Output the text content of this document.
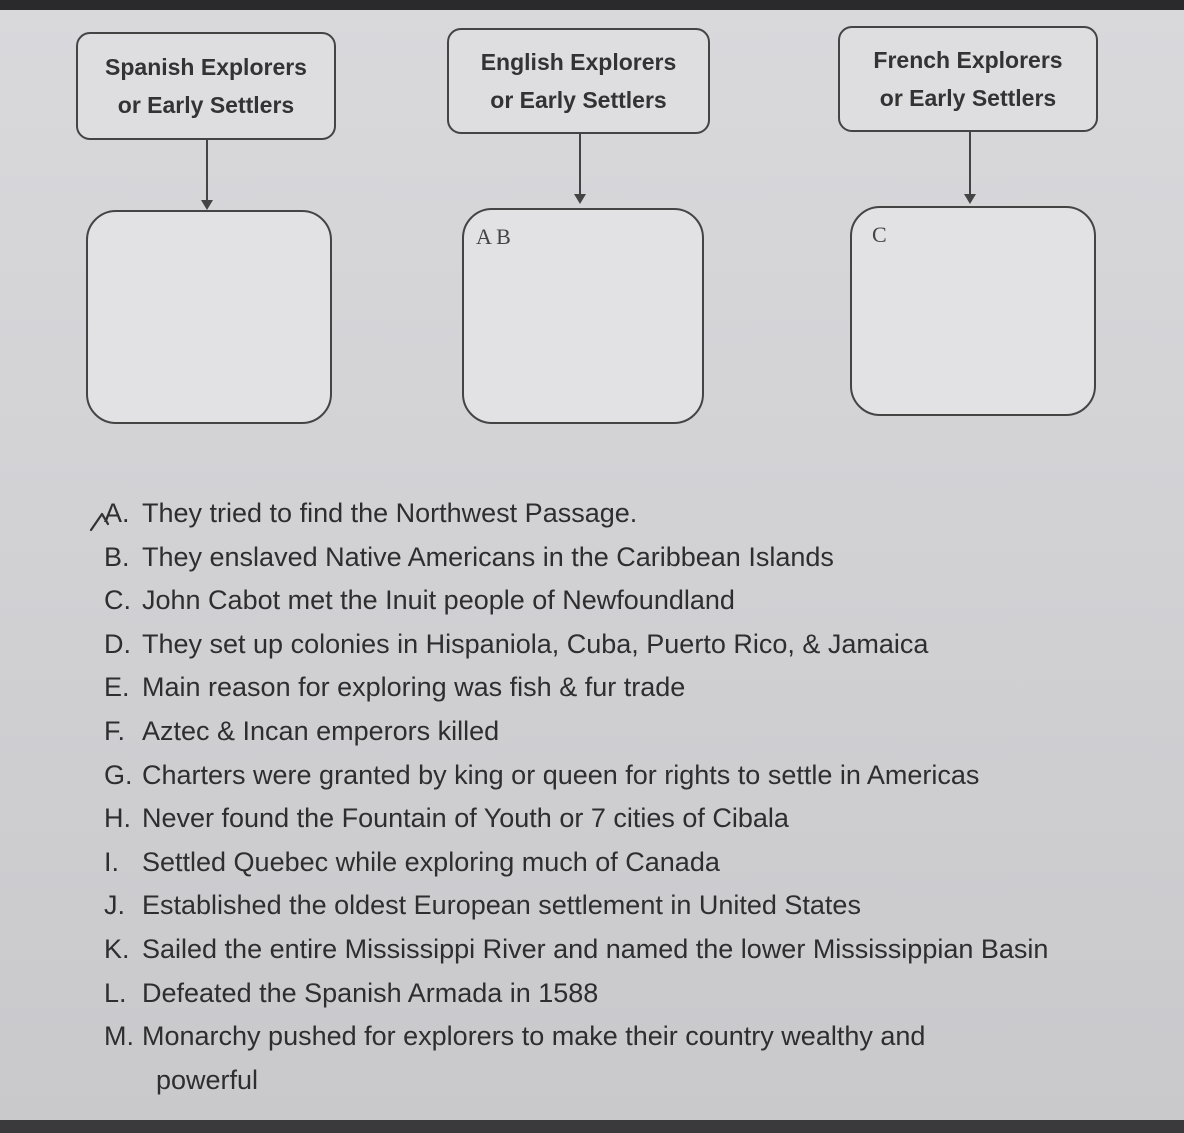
Spanish Explorers
or Early Settlers
English Explorers
or Early Settlers
A B
French Explorers
or Early Settlers
C
A. They tried to find the Northwest Passage.
B. They enslaved Native Americans in the Caribbean Islands
C. John Cabot met the Inuit people of Newfoundland
D. They set up colonies in Hispaniola, Cuba, Puerto Rico, & Jamaica
E. Main reason for exploring was fish & fur trade
F. Aztec & Incan emperors killed
G. Charters were granted by king or queen for rights to settle in Americas
H. Never found the Fountain of Youth or 7 cities of Cibala
I. Settled Quebec while exploring much of Canada
J. Established the oldest European settlement in United States
K. Sailed the entire Mississippi River and named the lower Mississippian Basin
L. Defeated the Spanish Armada in 1588
M. Monarchy pushed for explorers to make their country wealthy and
powerful
